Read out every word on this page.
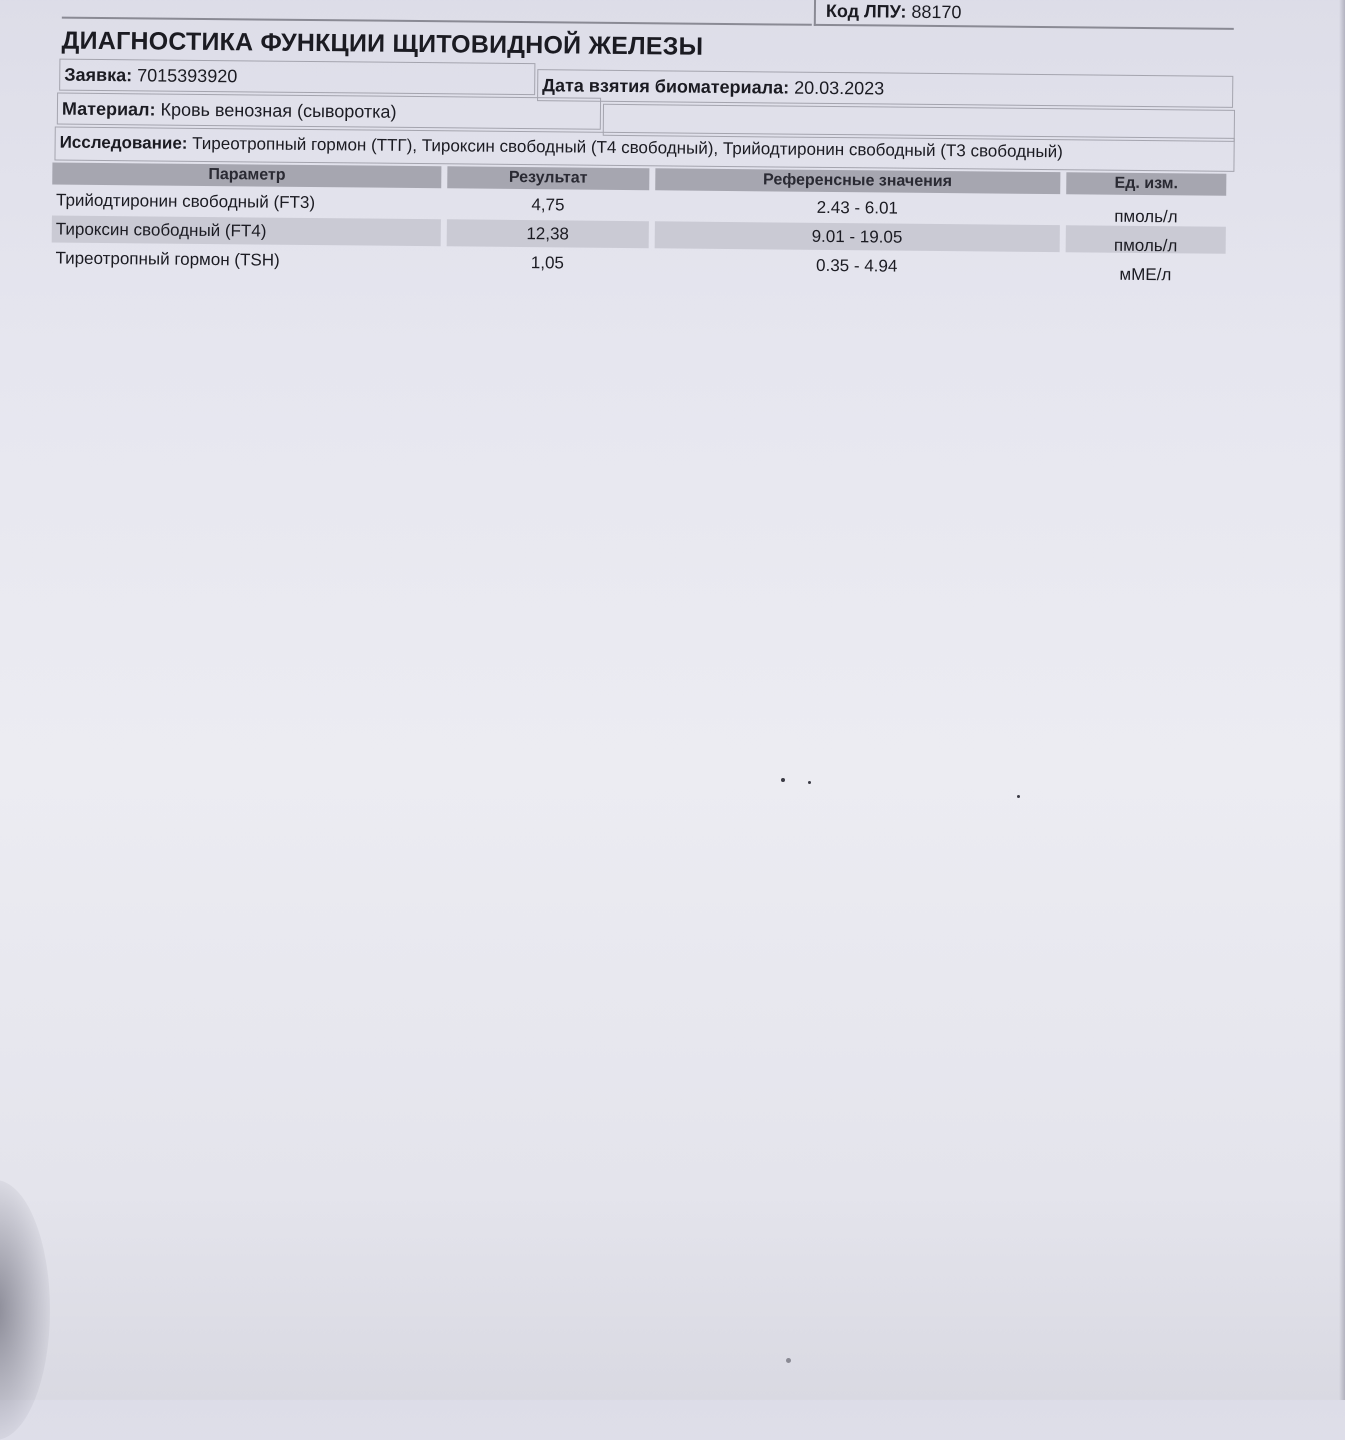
Код ЛПУ: 88170
ДИАГНОСТИКА ФУНКЦИИ ЩИТОВИДНОЙ ЖЕЛЕЗЫ
Заявка: 7015393920	Дата взятия биоматериала: 20.03.2023
Материал: Кровь венозная (сыворотка)
Исследование: Тиреотропный гормон (ТТГ), Тироксин свободный (Т4 свободный), Трийодтиронин свободный (Т3 свободный)
Параметр	Результат	Референсные значения	Ед. изм.
Трийодтиронин свободный (FT3)	4,75	2.43 - 6.01	пмоль/л
Тироксин свободный (FT4)	12,38	9.01 - 19.05	пмоль/л
Тиреотропный гормон (TSH)	1,05	0.35 - 4.94	мМЕ/л
